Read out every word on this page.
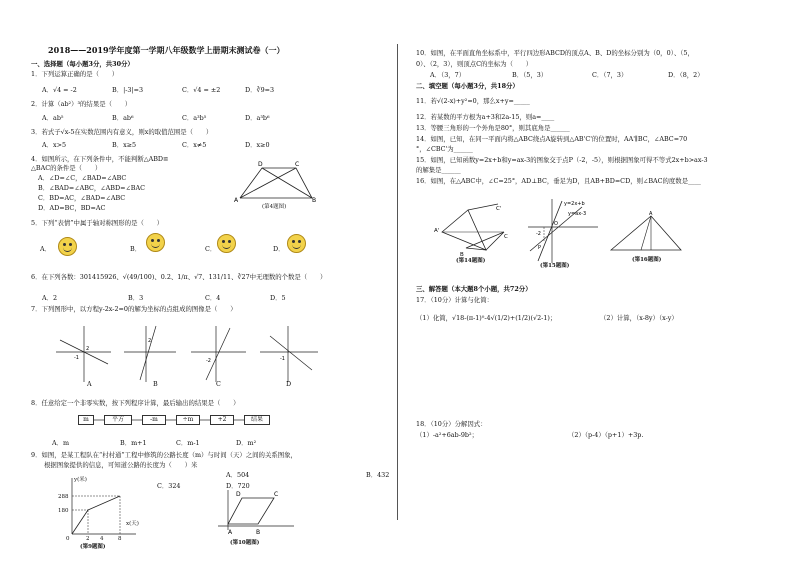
2018——2019学年度第一学期八年级数学上册期末测试卷（一）
一、选择题（每小题3分，共30分）
1．下列运算正确的是（　　）
A．√4 = -2	B．|-3|=3	C．√4 = ±2	D．∛9=3
2．计算（ab²）³的结果是（　　）
A．ab⁵	B．ab⁶	C．a³b⁵	D．a³b⁶
3．若式子√x-5在实数范围内有意义，则x的取值范围是（　　）
A．x>5	B．x≥5	C．x≠5	D．x≥0
4．如图所示，在下列条件中，不能判断△ABD≌
△BAC的条件是（　　）
A．∠D=∠C，∠BAD=∠ABC
B．∠BAD=∠ABC，∠ABD=∠BAC
C．BD=AC，∠BAD=∠ABC
D．AD=BC，BD=AC
D	C
A	B
(第4题图)
5．下列“表情”中属于轴对称图形的是（　　）
A．	B．	C．	D．
6．在下列各数：301415926、√(49/100)、0.2、1/π、√7、131/11、∛27中无理数的个数是（　　）
A．2	B．3	C．4	D．5
7．下列图形中，以方程y-2x-2=0的解为坐标的点组成的图像是（　　）
2
-1
2
-2	-1
A	B	C	D
8．任意给定一个非零实数，按下列程序计算，最后输出的结果是（　　）
m	平方	-m	÷m	+2	结果
A．m	B．m+1	C．m-1	D．m²
9．如图，是某工程队在“村村通”工程中修筑的公路长度（m）与时间（天）之间的关系图象，
根据图象提供的信息，可知道公路的长度为（　　）米
A．504	B．432
C．324	D．720
y(米)
x(天)
288
180
0	2 4	8
(第9题图)
D	C
A	B
(第10题图)
10．如图，在平面直角坐标系中，平行四边形ABCD的顶点A、B、D的坐标分别为（0，0）、（5，
0）、（2，3），则顶点C的坐标为（　　）
A．（3，7）	B．（5，3）	C．（7，3）	D．（8，2）
二、填空题（每小题3分，共18分）
11．若√(2-x)+y²=0，那么x+y=_____
12．若某数的平方根为a+3和2a-15，则a=____
13．等腰三角形的一个外角是80°，则其底角是______
14．如图，已知，在同一平面内将△ABC绕点A旋转到△AB'C'的位置时，AA'∥BC，∠ABC=70
°，∠CBC'为______
15．如图，已知函数y=2x+b和y=ax-3的图象交于点P（-2，-5），则根据图象可得不等式2x+b>ax-3
的解集是______
16．如图，在△ABC中，∠C=25°，AD⊥BC，垂足为D，且AB+BD=CD，则∠BAC的度数是____
A'
C'
B
C
(第14题图)
y=2x+b
y=ax-3
-2
O
P
(第15题图)
A
(第16题图)
三、解答题（本大题8个小题，共72分）
17．（10分）计算与化简：
（1）化简，√18-(π-1)⁰-4√(1/2)+(1/2)(√2-1)；	（2）计算，（x-8y）（x-y）
18．（10分）分解因式：
（1）-a²+6ab-9b²；	（2）（p-4）（p+1）+3p.
